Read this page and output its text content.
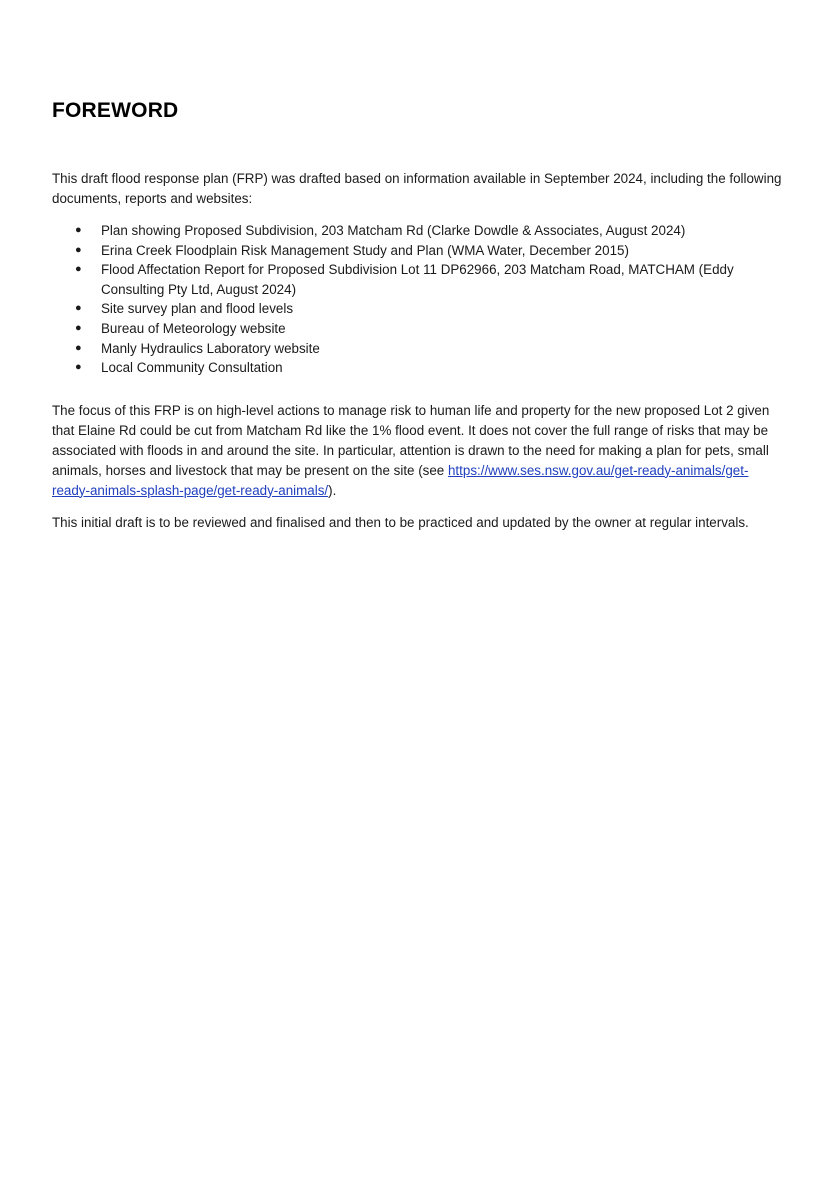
FOREWORD

This draft flood response plan (FRP) was drafted based on information available in September 2024, including the following documents, reports and websites:

● Plan showing Proposed Subdivision, 203 Matcham Rd (Clarke Dowdle & Associates, August 2024)
● Erina Creek Floodplain Risk Management Study and Plan (WMA Water, December 2015)
● Flood Affectation Report for Proposed Subdivision Lot 11 DP62966, 203 Matcham Road, MATCHAM (Eddy Consulting Pty Ltd, August 2024)
● Site survey plan and flood levels
● Bureau of Meteorology website
● Manly Hydraulics Laboratory website
● Local Community Consultation

The focus of this FRP is on high-level actions to manage risk to human life and property for the new proposed Lot 2 given that Elaine Rd could be cut from Matcham Rd like the 1% flood event. It does not cover the full range of risks that may be associated with floods in and around the site. In particular, attention is drawn to the need for making a plan for pets, small animals, horses and livestock that may be present on the site (see https://www.ses.nsw.gov.au/get-ready-animals/get-ready-animals-splash-page/get-ready-animals/).

This initial draft is to be reviewed and finalised and then to be practiced and updated by the owner at regular intervals.
